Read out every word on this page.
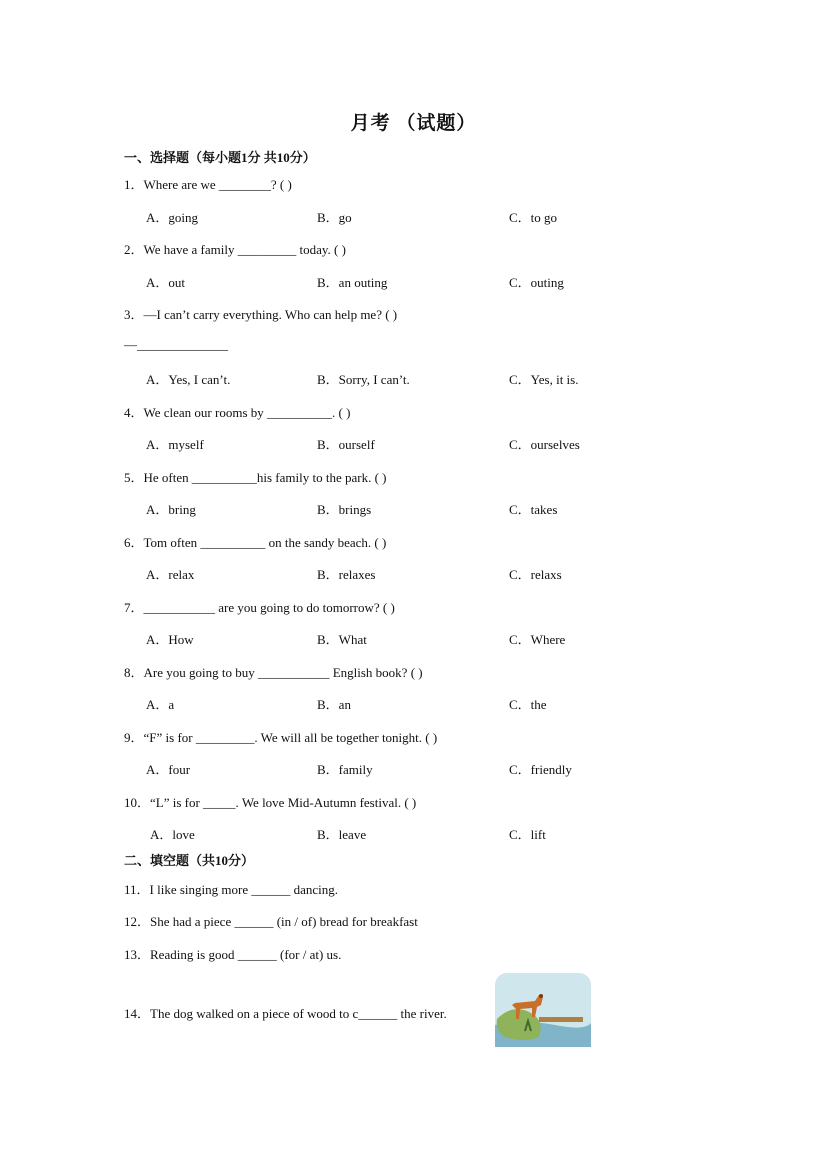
月考 （试题）
一、选择题（每小题1分 共10分）
1．Where are we ________? ( )
A．going	B．go	C．to go
2．We have a family _________ today. ( )
A．out	B．an outing	C．outing
3．—I can’t carry everything. Who can help me? ( )
—______________
A．Yes, I can’t.	B．Sorry, I can’t.	C．Yes, it is.
4．We clean our rooms by __________. ( )
A．myself	B．ourself	C．ourselves
5．He often __________his family to the park. ( )
A．bring	B．brings	C．takes
6．Tom often __________ on the sandy beach. ( )
A．relax	B．relaxes	C．relaxs
7．___________ are you going to do tomorrow? ( )
A．How	B．What	C．Where
8．Are you going to buy ___________ English book? ( )
A．a	B．an	C．the
9．“F” is for _________. We will all be together tonight. ( )
A．four	B．family	C．friendly
10．“L” is for _____. We love Mid-Autumn festival. ( )
A．love	B．leave	C．lift
二、填空题（共10分）
11．I like singing more ______ dancing.
12．She had a piece ______ (in / of) bread for breakfast
13．Reading is good ______ (for / at) us.
14．The dog walked on a piece of wood to c______ the river.
